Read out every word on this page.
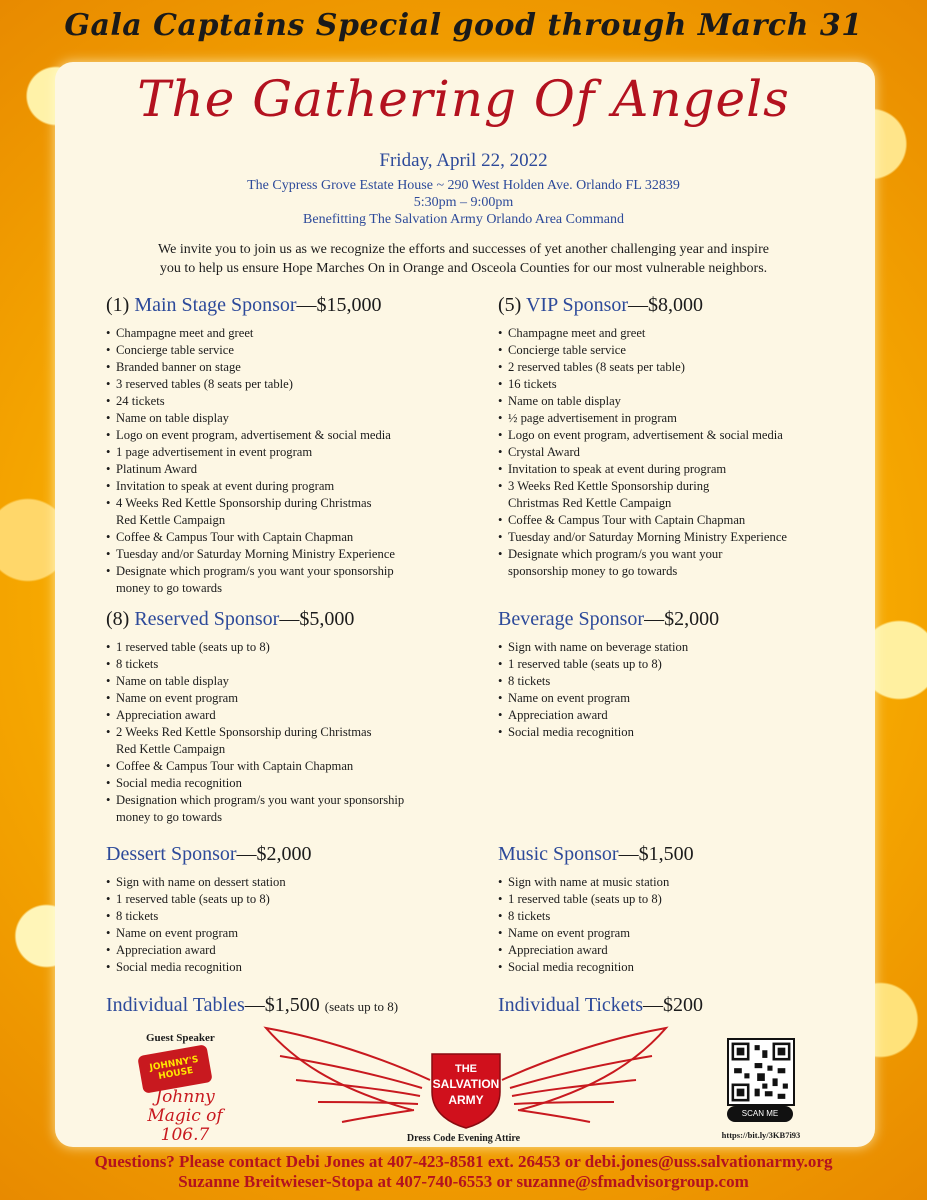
Gala Captains Special good through March 31
The Gathering Of Angels
Friday, April 22, 2022
The Cypress Grove Estate House ~ 290 West Holden Ave. Orlando FL 32839
5:30pm – 9:00pm
Benefitting The Salvation Army Orlando Area Command
We invite you to join us as we recognize the efforts and successes of yet another challenging year and inspire you to help us ensure Hope Marches On in Orange and Osceola Counties for our most vulnerable neighbors.
(1) Main Stage Sponsor—$15,000
• Champagne meet and greet
• Concierge table service
• Branded banner on stage
• 3 reserved tables (8 seats per table)
• 24 tickets
• Name on table display
• Logo on event program, advertisement & social media
• 1 page advertisement in event program
• Platinum Award
• Invitation to speak at event during program
• 4 Weeks Red Kettle Sponsorship during Christmas
Red Kettle Campaign
• Coffee & Campus Tour with Captain Chapman
• Tuesday and/or Saturday Morning Ministry Experience
• Designate which program/s you want your sponsorship
money to go towards
(5) VIP Sponsor—$8,000
• Champagne meet and greet
• Concierge table service
• 2 reserved tables (8 seats per table)
• 16 tickets
• Name on table display
• ½ page advertisement in program
• Logo on event program, advertisement & social media
• Crystal Award
• Invitation to speak at event during program
• 3 Weeks Red Kettle Sponsorship during
Christmas Red Kettle Campaign
• Coffee & Campus Tour with Captain Chapman
• Tuesday and/or Saturday Morning Ministry Experience
• Designate which program/s you want your
sponsorship money to go towards
(8) Reserved Sponsor—$5,000
• 1 reserved table (seats up to 8)
• 8 tickets
• Name on table display
• Name on event program
• Appreciation award
• 2 Weeks Red Kettle Sponsorship during Christmas
Red Kettle Campaign
• Coffee & Campus Tour with Captain Chapman
• Social media recognition
• Designation which program/s you want your sponsorship
money to go towards
Beverage Sponsor—$2,000
• Sign with name on beverage station
• 1 reserved table (seats up to 8)
• 8 tickets
• Name on event program
• Appreciation award
• Social media recognition
Dessert Sponsor—$2,000
• Sign with name on dessert station
• 1 reserved table (seats up to 8)
• 8 tickets
• Name on event program
• Appreciation award
• Social media recognition
Music Sponsor—$1,500
• Sign with name at music station
• 1 reserved table (seats up to 8)
• 8 tickets
• Name on event program
• Appreciation award
• Social media recognition
Individual Tables—$1,500 (seats up to 8)	Individual Tickets—$200
Guest Speaker
JOHNNY'S HOUSE
Johnny Magic of 106.7
THE
SALVATION
ARMY
Dress Code Evening Attire
SCAN ME
https://bit.ly/3KB7i93
Questions? Please contact Debi Jones at 407-423-8581 ext. 26453 or debi.jones@uss.salvationarmy.org
Suzanne Breitwieser-Stopa at 407-740-6553 or suzanne@sfmadvisorgroup.com
